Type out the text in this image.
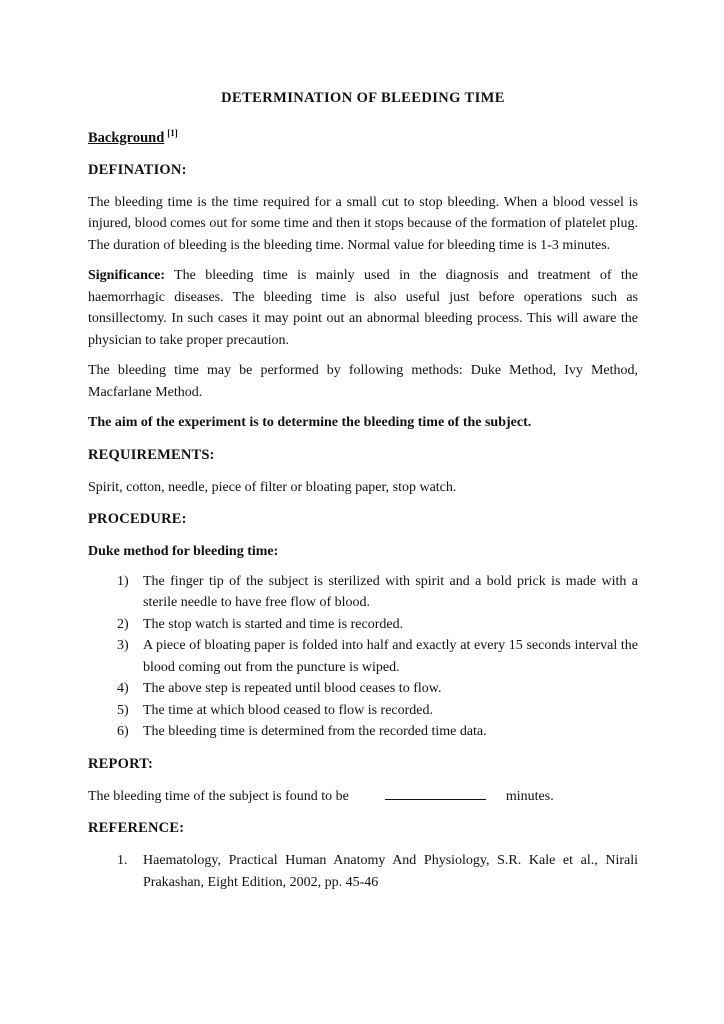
DETERMINATION OF BLEEDING TIME
Background [1]
DEFINATION:

The bleeding time is the time required for a small cut to stop bleeding. When a blood vessel is injured, blood comes out for some time and then it stops because of the formation of platelet plug. The duration of bleeding is the bleeding time. Normal value for bleeding time is 1-3 minutes.

Significance: The bleeding time is mainly used in the diagnosis and treatment of the haemorrhagic diseases. The bleeding time is also useful just before operations such as tonsillectomy. In such cases it may point out an abnormal bleeding process. This will aware the physician to take proper precaution.

The bleeding time may be performed by following methods: Duke Method, Ivy Method, Macfarlane Method.

The aim of the experiment is to determine the bleeding time of the subject.

REQUIREMENTS:

Spirit, cotton, needle, piece of filter or bloating paper, stop watch.

PROCEDURE:
Duke method for bleeding time:
1)	The finger tip of the subject is sterilized with spirit and a bold prick is made with a sterile needle to have free flow of blood.
2)	The stop watch is started and time is recorded.
3)	A piece of bloating paper is folded into half and exactly at every 15 seconds interval the blood coming out from the puncture is wiped.
4)	The above step is repeated until blood ceases to flow.
5)	The time at which blood ceased to flow is recorded.
6)	The bleeding time is determined from the recorded time data.
REPORT:
The bleeding time of the subject is found to be	minutes.
REFERENCE:
1.	Haematology, Practical Human Anatomy And Physiology, S.R. Kale et al., Nirali Prakashan, Eight Edition, 2002, pp. 45-46
